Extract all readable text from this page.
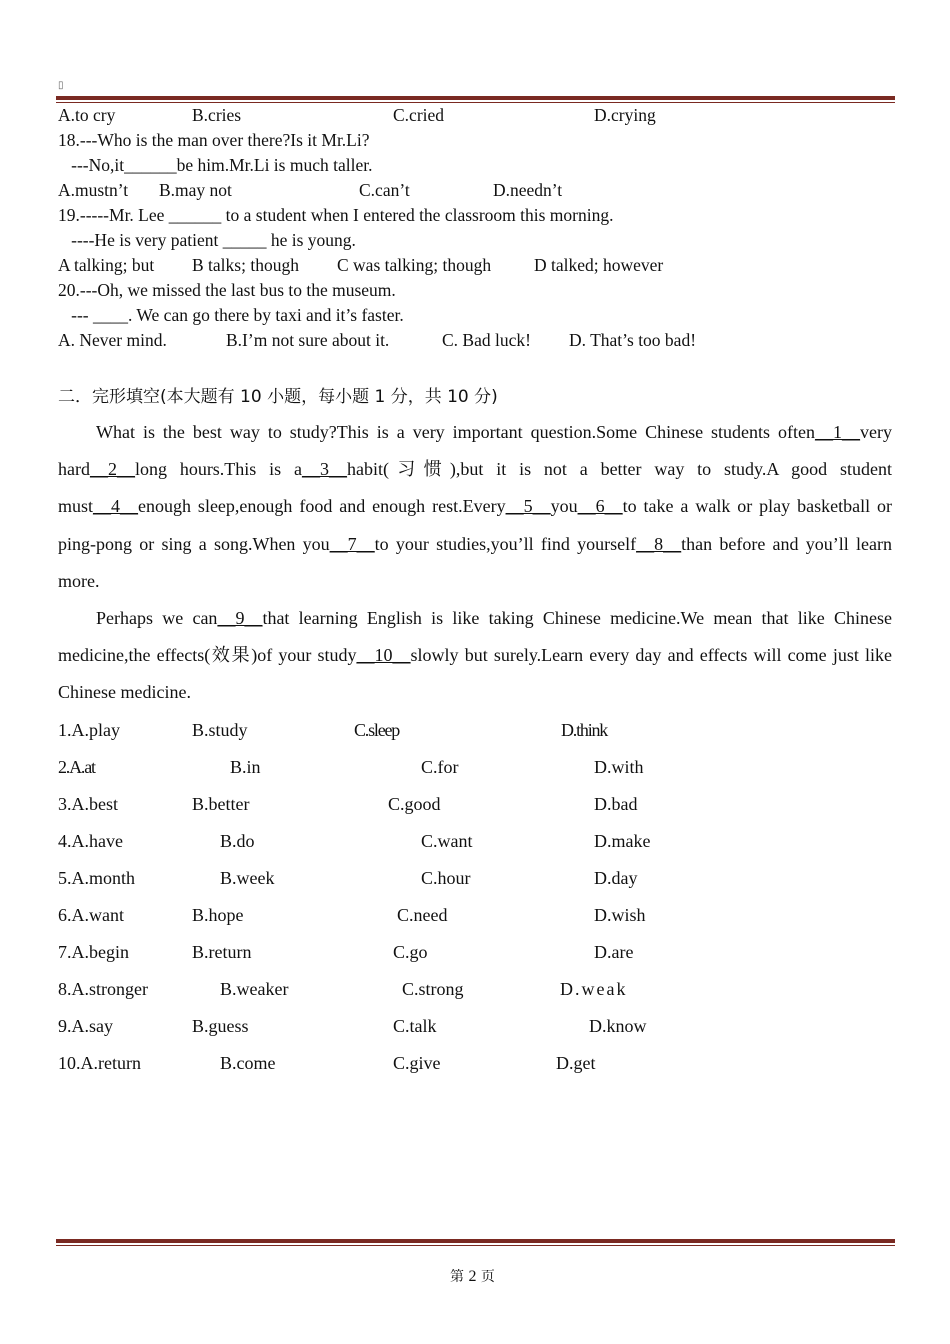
▯
A.to cry	B.cries	C.cried	D.crying
18.---Who is the man over there?Is it Mr.Li?
---No,it______be him.Mr.Li is much taller.
A.mustn’t B.may not	C.can’t	D.needn’t
19.-----Mr. Lee ______ to a student when I entered the classroom this morning.
----He is very patient _____ he is young.
A talking; but B talks; though C was talking; though D talked; however
20.---Oh, we missed the last bus to the museum.
--- ____. We can go there by taxi and it’s faster.
A. Never mind.	B.I’m not sure about it.	C. Bad luck! D. That’s too bad!
二．完形填空(本大题有 10 小题，每小题 1 分，共 10 分)
What is the best way to study?This is a very important question.Some Chinese students often__1__very hard__2__long hours.This is a__3__habit(习惯),but it is not a better way to study.A good student must__4__enough sleep,enough food and enough rest.Every__5__you__6__to take a walk or play basketball or ping-pong or sing a song.When you__7__to your studies,you’ll find yourself__8__than before and you’ll learn more.
Perhaps we can__9__that learning English is like taking Chinese medicine.We mean that like Chinese medicine,the effects(效果)of your study__10__slowly but surely.Learn every day and effects will come just like Chinese medicine.
1.A.play	B.study	C.sleep	D.think
2.A.at	B.in	C.for	D.with
3.A.best	B.better	C.good	D.bad
4.A.have	B.do	C.want	D.make
5.A.month	B.week	C.hour	D.day
6.A.want	B.hope	C.need	D.wish
7.A.begin	B.return	C.go	D.are
8.A.stronger	B.weaker	C.strong	D.weak
9.A.say	B.guess	C.talk	D.know
10.A.return	B.come	C.give	D.get
第 2 页
